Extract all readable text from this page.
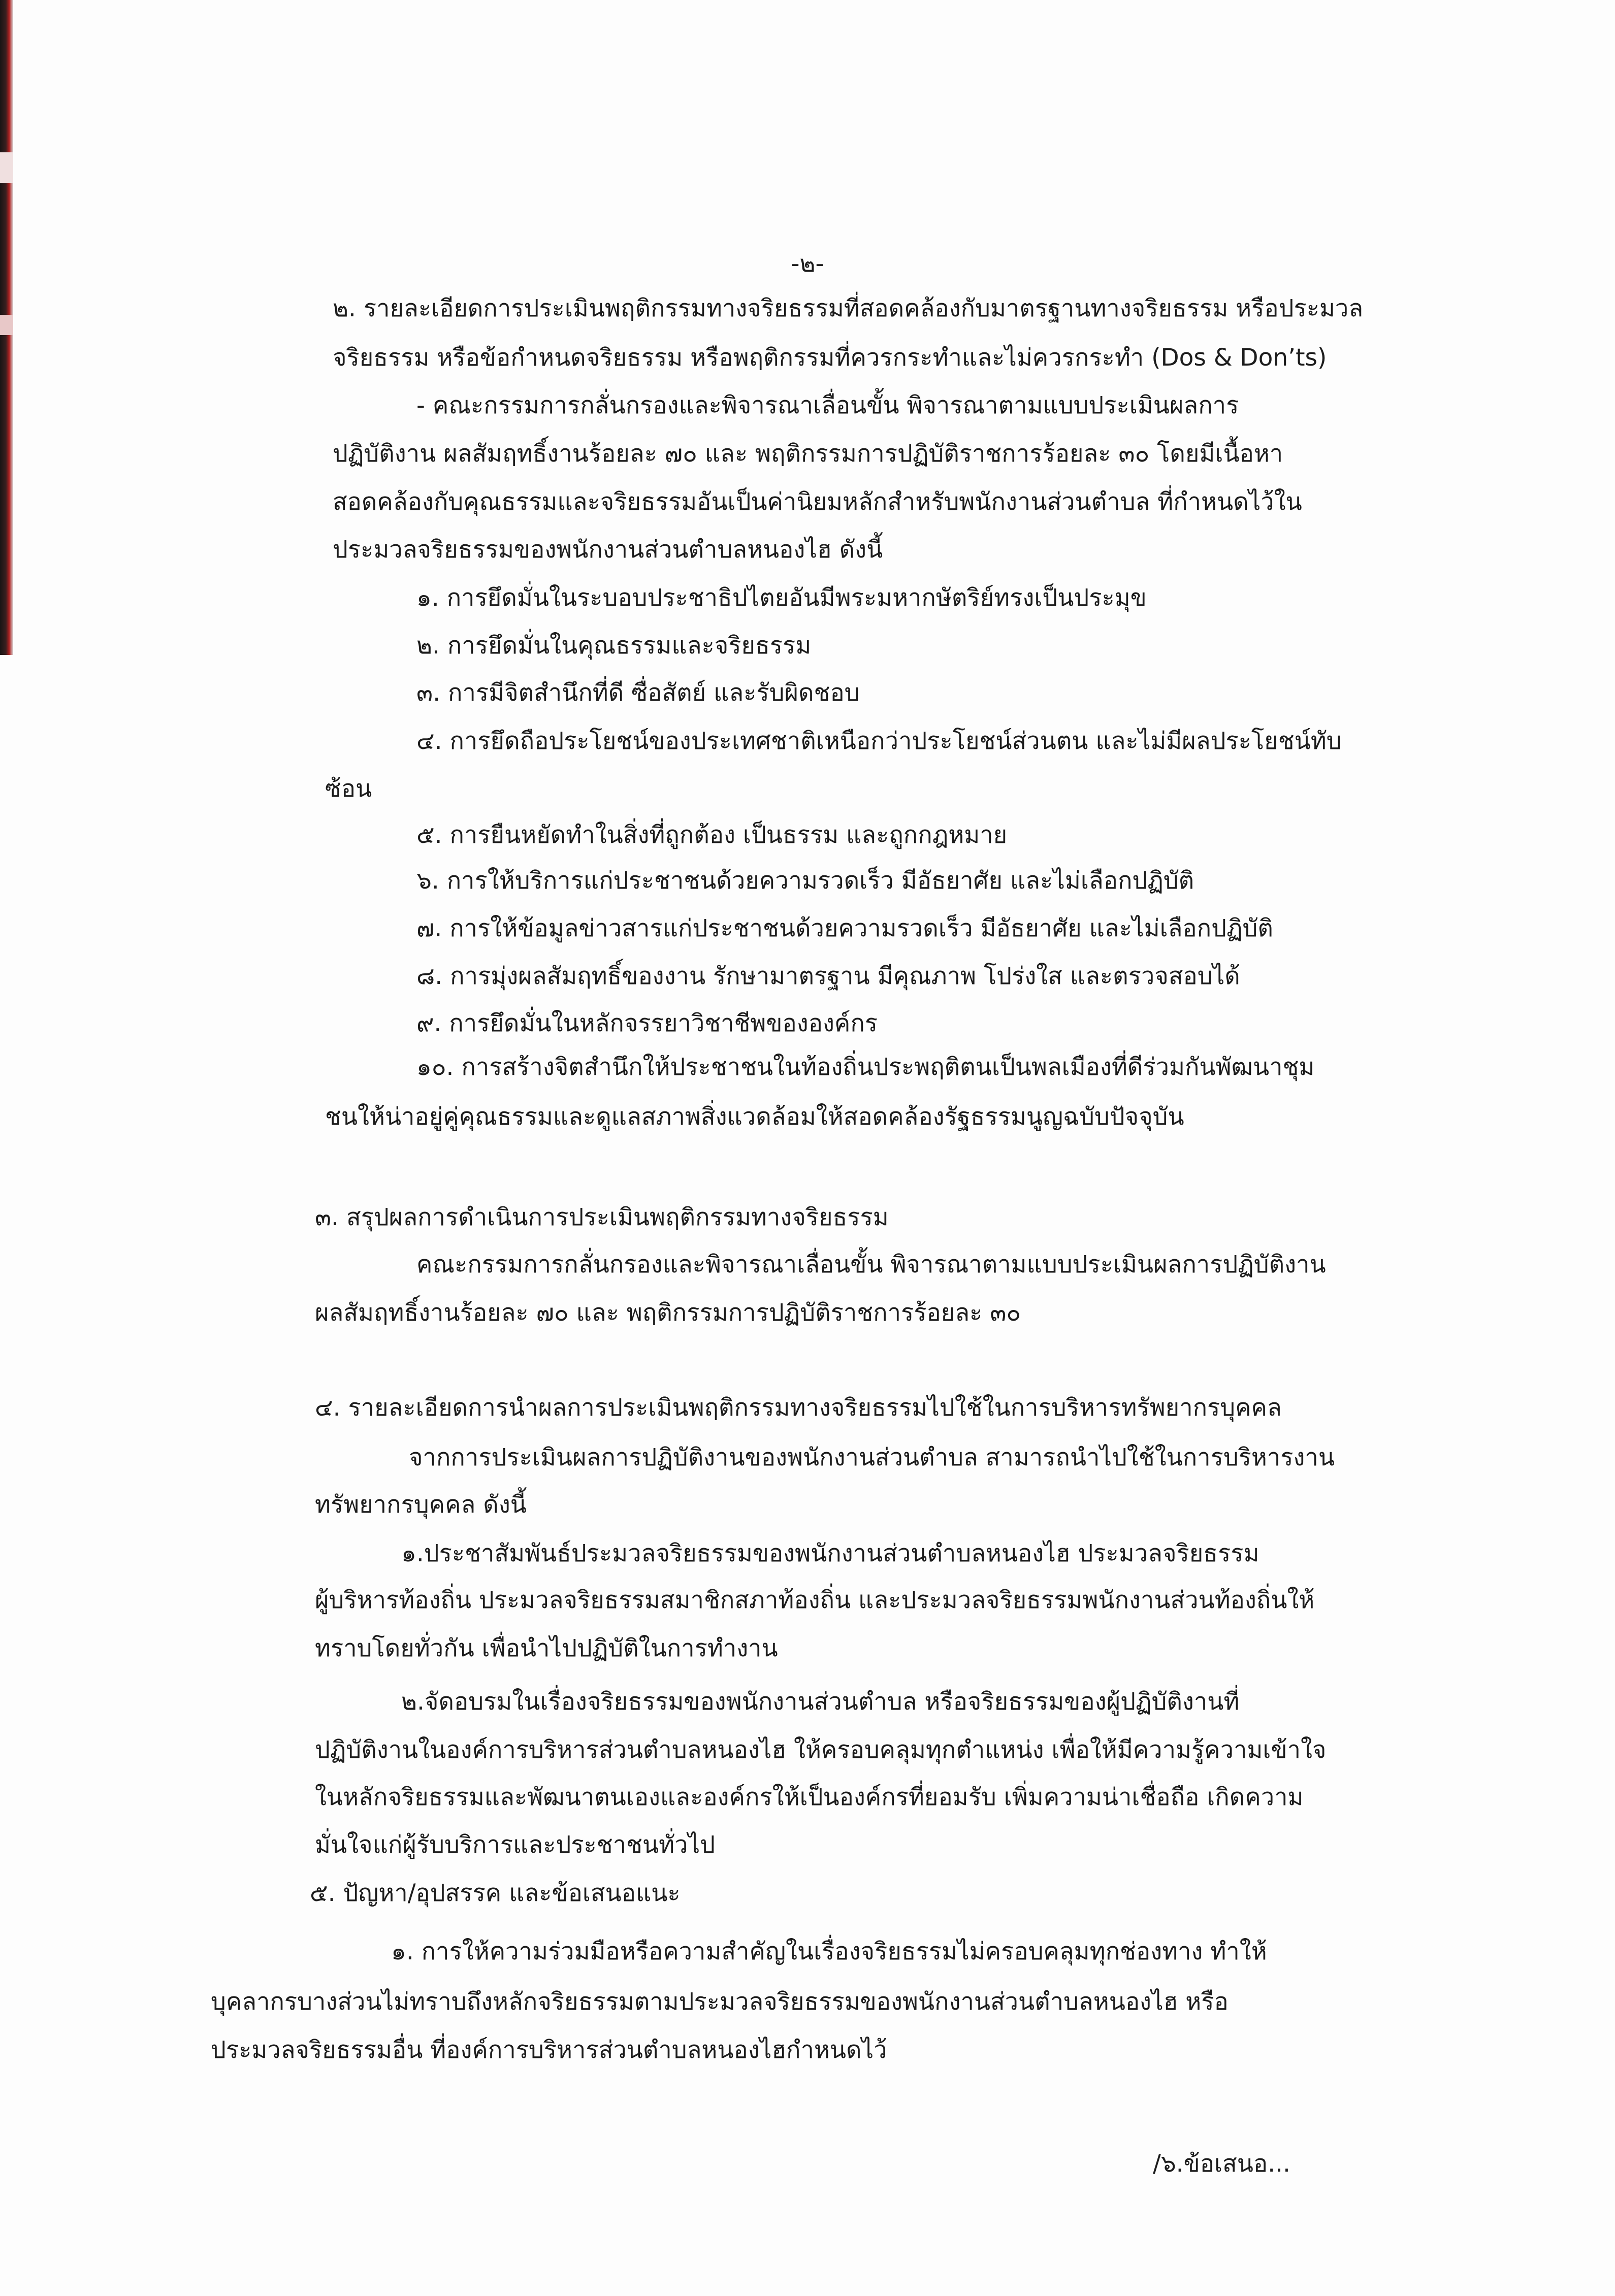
-๒-
๒. รายละเอียดการประเมินพฤติกรรมทางจริยธรรมที่สอดคล้องกับมาตรฐานทางจริยธรรม หรือประมวล
จริยธรรม หรือข้อกำหนดจริยธรรม หรือพฤติกรรมที่ควรกระทำและไม่ควรกระทำ (Dos & Don’ts)
- คณะกรรมการกลั่นกรองและพิจารณาเลื่อนขั้น พิจารณาตามแบบประเมินผลการ
ปฏิบัติงาน ผลสัมฤทธิ์งานร้อยละ ๗๐ และ พฤติกรรมการปฏิบัติราชการร้อยละ ๓๐ โดยมีเนื้อหา
สอดคล้องกับคุณธรรมและจริยธรรมอันเป็นค่านิยมหลักสำหรับพนักงานส่วนตำบล ที่กำหนดไว้ใน
ประมวลจริยธรรมของพนักงานส่วนตำบลหนองไฮ ดังนี้
๑. การยึดมั่นในระบอบประชาธิปไตยอันมีพระมหากษัตริย์ทรงเป็นประมุข
๒. การยึดมั่นในคุณธรรมและจริยธรรม
๓. การมีจิตสำนึกที่ดี ซื่อสัตย์ และรับผิดชอบ
๔. การยึดถือประโยชน์ของประเทศชาติเหนือกว่าประโยชน์ส่วนตน และไม่มีผลประโยชน์ทับ
ซ้อน
๕. การยืนหยัดทำในสิ่งที่ถูกต้อง เป็นธรรม และถูกกฎหมาย
๖. การให้บริการแก่ประชาชนด้วยความรวดเร็ว มีอัธยาศัย และไม่เลือกปฏิบัติ
๗. การให้ข้อมูลข่าวสารแก่ประชาชนด้วยความรวดเร็ว มีอัธยาศัย และไม่เลือกปฏิบัติ
๘. การมุ่งผลสัมฤทธิ์ของงาน รักษามาตรฐาน มีคุณภาพ โปร่งใส และตรวจสอบได้
๙. การยึดมั่นในหลักจรรยาวิชาชีพขององค์กร
๑๐. การสร้างจิตสำนึกให้ประชาชนในท้องถิ่นประพฤติตนเป็นพลเมืองที่ดีร่วมกันพัฒนาชุม
ชนให้น่าอยู่คู่คุณธรรมและดูแลสภาพสิ่งแวดล้อมให้สอดคล้องรัฐธรรมนูญฉบับปัจจุบัน
๓. สรุปผลการดำเนินการประเมินพฤติกรรมทางจริยธรรม
คณะกรรมการกลั่นกรองและพิจารณาเลื่อนขั้น พิจารณาตามแบบประเมินผลการปฏิบัติงาน
ผลสัมฤทธิ์งานร้อยละ ๗๐ และ พฤติกรรมการปฏิบัติราชการร้อยละ ๓๐
๔. รายละเอียดการนำผลการประเมินพฤติกรรมทางจริยธรรมไปใช้ในการบริหารทรัพยากรบุคคล
จากการประเมินผลการปฏิบัติงานของพนักงานส่วนตำบล สามารถนำไปใช้ในการบริหารงาน
ทรัพยากรบุคคล ดังนี้
๑.ประชาสัมพันธ์ประมวลจริยธรรมของพนักงานส่วนตำบลหนองไฮ ประมวลจริยธรรม
ผู้บริหารท้องถิ่น ประมวลจริยธรรมสมาชิกสภาท้องถิ่น และประมวลจริยธรรมพนักงานส่วนท้องถิ่นให้
ทราบโดยทั่วกัน เพื่อนำไปปฏิบัติในการทำงาน
๒.จัดอบรมในเรื่องจริยธรรมของพนักงานส่วนตำบล หรือจริยธรรมของผู้ปฏิบัติงานที่
ปฏิบัติงานในองค์การบริหารส่วนตำบลหนองไฮ ให้ครอบคลุมทุกตำแหน่ง เพื่อให้มีความรู้ความเข้าใจ
ในหลักจริยธรรมและพัฒนาตนเองและองค์กรให้เป็นองค์กรที่ยอมรับ เพิ่มความน่าเชื่อถือ เกิดความ
มั่นใจแก่ผู้รับบริการและประชาชนทั่วไป
๕. ปัญหา/อุปสรรค และข้อเสนอแนะ
๑. การให้ความร่วมมือหรือความสำคัญในเรื่องจริยธรรมไม่ครอบคลุมทุกช่องทาง ทำให้
บุคลากรบางส่วนไม่ทราบถึงหลักจริยธรรมตามประมวลจริยธรรมของพนักงานส่วนตำบลหนองไฮ หรือ
ประมวลจริยธรรมอื่น ที่องค์การบริหารส่วนตำบลหนองไฮกำหนดไว้
/๖.ข้อเสนอ...
